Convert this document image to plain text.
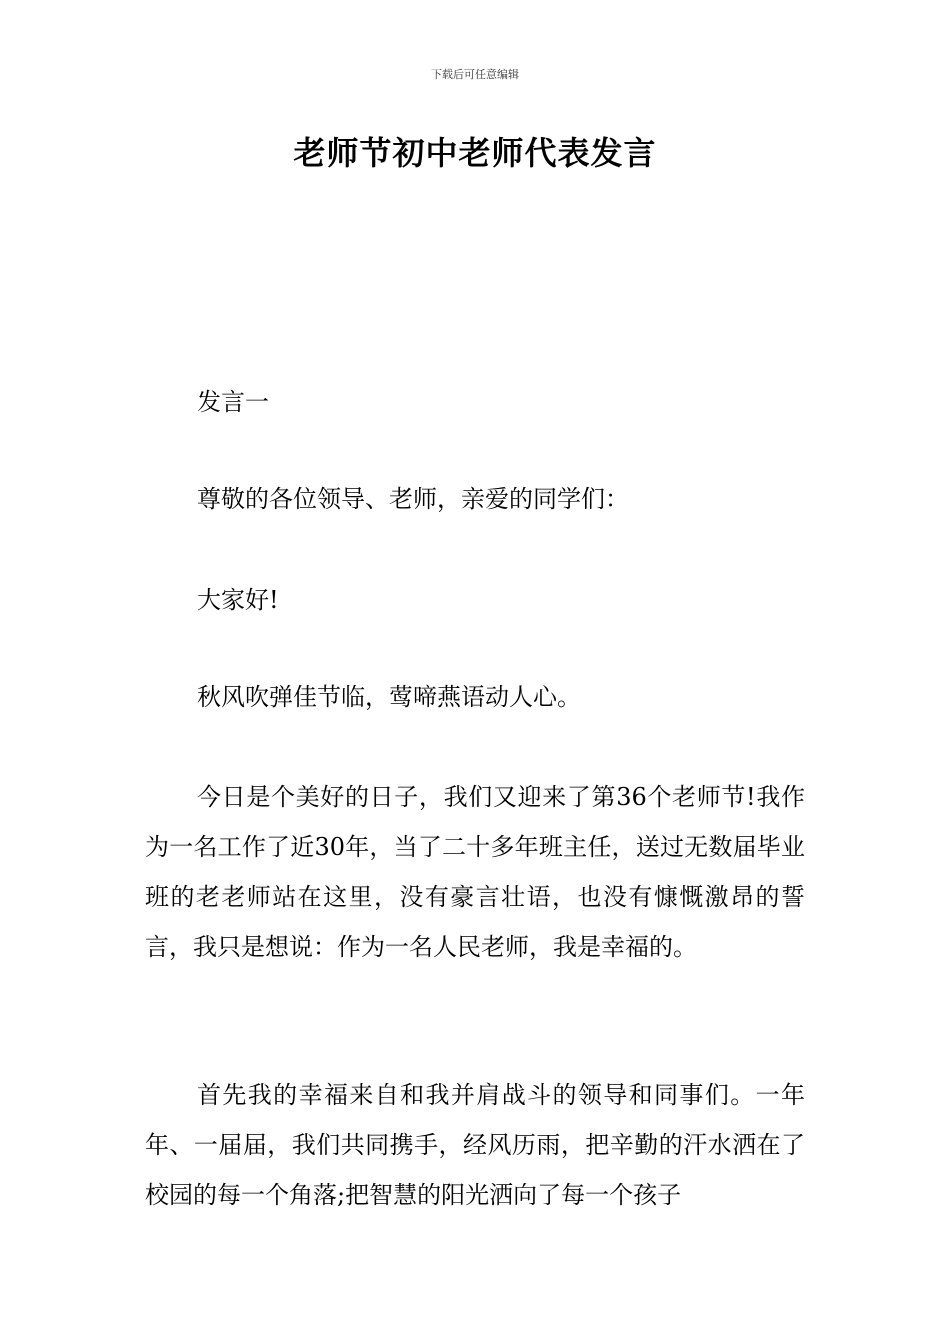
下载后可任意编辑
老师节初中老师代表发言
发言一
尊敬的各位领导、老师，亲爱的同学们：
大家好!
秋风吹弹佳节临，莺啼燕语动人心。
今日是个美好的日子，我们又迎来了第36个老师节!我作为一名工作了近30年，当了二十多年班主任，送过无数届毕业班的老老师站在这里，没有豪言壮语，也没有慷慨激昂的誓言，我只是想说：作为一名人民老师，我是幸福的。
首先我的幸福来自和我并肩战斗的领导和同事们。一年年、一届届，我们共同携手，经风历雨，把辛勤的汗水洒在了校园的每一个角落;把智慧的阳光洒向了每一个孩子
